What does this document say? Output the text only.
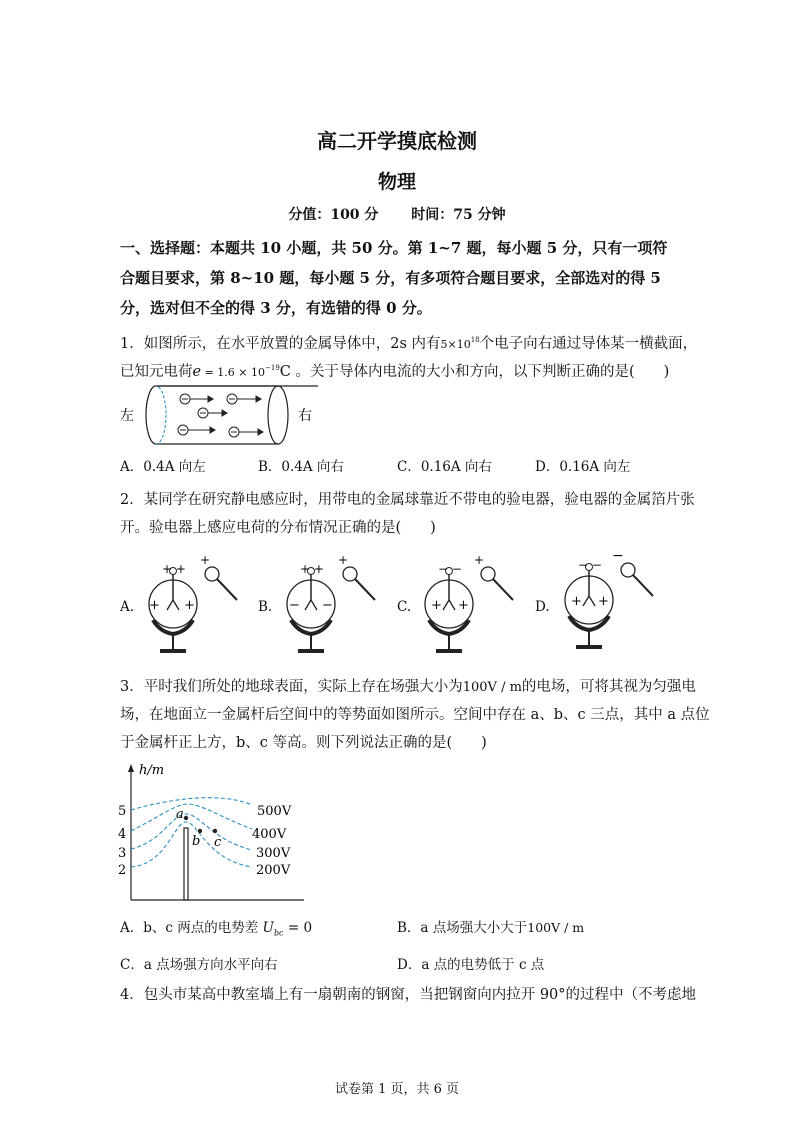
高二开学摸底检测
物理
分值：100 分　　 时间：75 分钟
一、选择题：本题共 10 小题，共 50 分。第 1~7 题，每小题 5 分，只有一项符
合题目要求，第 8~10 题，每小题 5 分，有多项符合题目要求，全部选对的得 5
分，选对但不全的得 3 分，有选错的得 0 分。
1．如图所示，在水平放置的金属导体中，2s 内有$5\times 10^{18}$个电子向右通过导体某一横截面，
已知元电荷$e = 1.6 \times 10^{-19}C$ 。关于导体内电流的大小和方向，以下判断正确的是(　　)
左	右
A．0.4A 向左	B．0.4A 向右	C．0.16A 向右	D．0.16A 向左
2．某同学在研究静电感应时，用带电的金属球靠近不带电的验电器，验电器的金属箔片张
开。验电器上感应电荷的分布情况正确的是(　　)
A.
+ +
+ +
+
B.
+ +
− −
+
C.
− −
+ +
+
D.
− −
+ +
−
3．平时我们所处的地球表面，实际上存在场强大小为100V / m的电场，可将其视为匀强电
场，在地面立一金属杆后空间中的等势面如图所示。空间中存在 a、b、c 三点，其中 a 点位
于金属杆正上方，b、c 等高。则下列说法正确的是(　　)
h/m
5
4
3
2
500V
400V
300V
200V
a
b c
A．b、c 两点的电势差 $U_{bc} = 0$	B．a 点场强大小大于100V / m
C．a 点场强方向水平向右	D．a 点的电势低于 c 点
4．包头市某高中教室墙上有一扇朝南的钢窗，当把钢窗向内拉开 90°的过程中（不考虑地
试卷第 1 页，共 6 页
